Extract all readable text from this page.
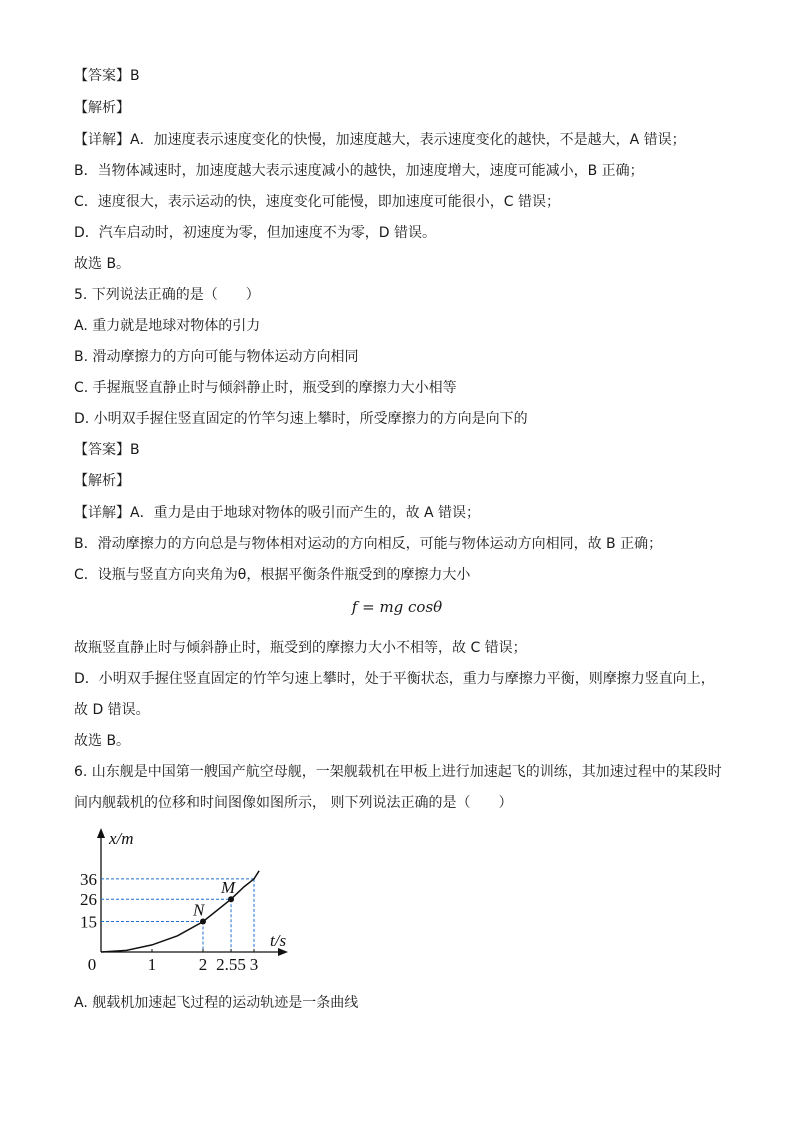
【答案】B
【解析】
【详解】A．加速度表示速度变化的快慢，加速度越大，表示速度变化的越快，不是越大，A 错误；
B．当物体减速时，加速度越大表示速度减小的越快，加速度增大，速度可能减小，B 正确；
C．速度很大，表示运动的快，速度变化可能慢，即加速度可能很小，C 错误；
D．汽车启动时，初速度为零，但加速度不为零，D 错误。
故选 B。
5. 下列说法正确的是（　　）
A. 重力就是地球对物体的引力
B. 滑动摩擦力的方向可能与物体运动方向相同
C. 手握瓶竖直静止时与倾斜静止时，瓶受到的摩擦力大小相等
D. 小明双手握住竖直固定的竹竿匀速上攀时，所受摩擦力的方向是向下的
【答案】B
【解析】
【详解】A．重力是由于地球对物体的吸引而产生的，故 A 错误；
B．滑动摩擦力的方向总是与物体相对运动的方向相反，可能与物体运动方向相同，故 B 正确；
C．设瓶与竖直方向夹角为θ，根据平衡条件瓶受到的摩擦力大小
故瓶竖直静止时与倾斜静止时，瓶受到的摩擦力大小不相等，故 C 错误；
D．小明双手握住竖直固定的竹竿匀速上攀时，处于平衡状态，重力与摩擦力平衡，则摩擦力竖直向上，
故 D 错误。
故选 B。
6. 山东舰是中国第一艘国产航空母舰，一架舰载机在甲板上进行加速起飞的训练，其加速过程中的某段时
间内舰载机的位移和时间图像如图所示， 则下列说法正确的是（　　）
A. 舰载机加速起飞过程的运动轨迹是一条曲线
f = mg cosθ
x/m
t/s
0
N
M
15
26
36
1	2 2.55 3
